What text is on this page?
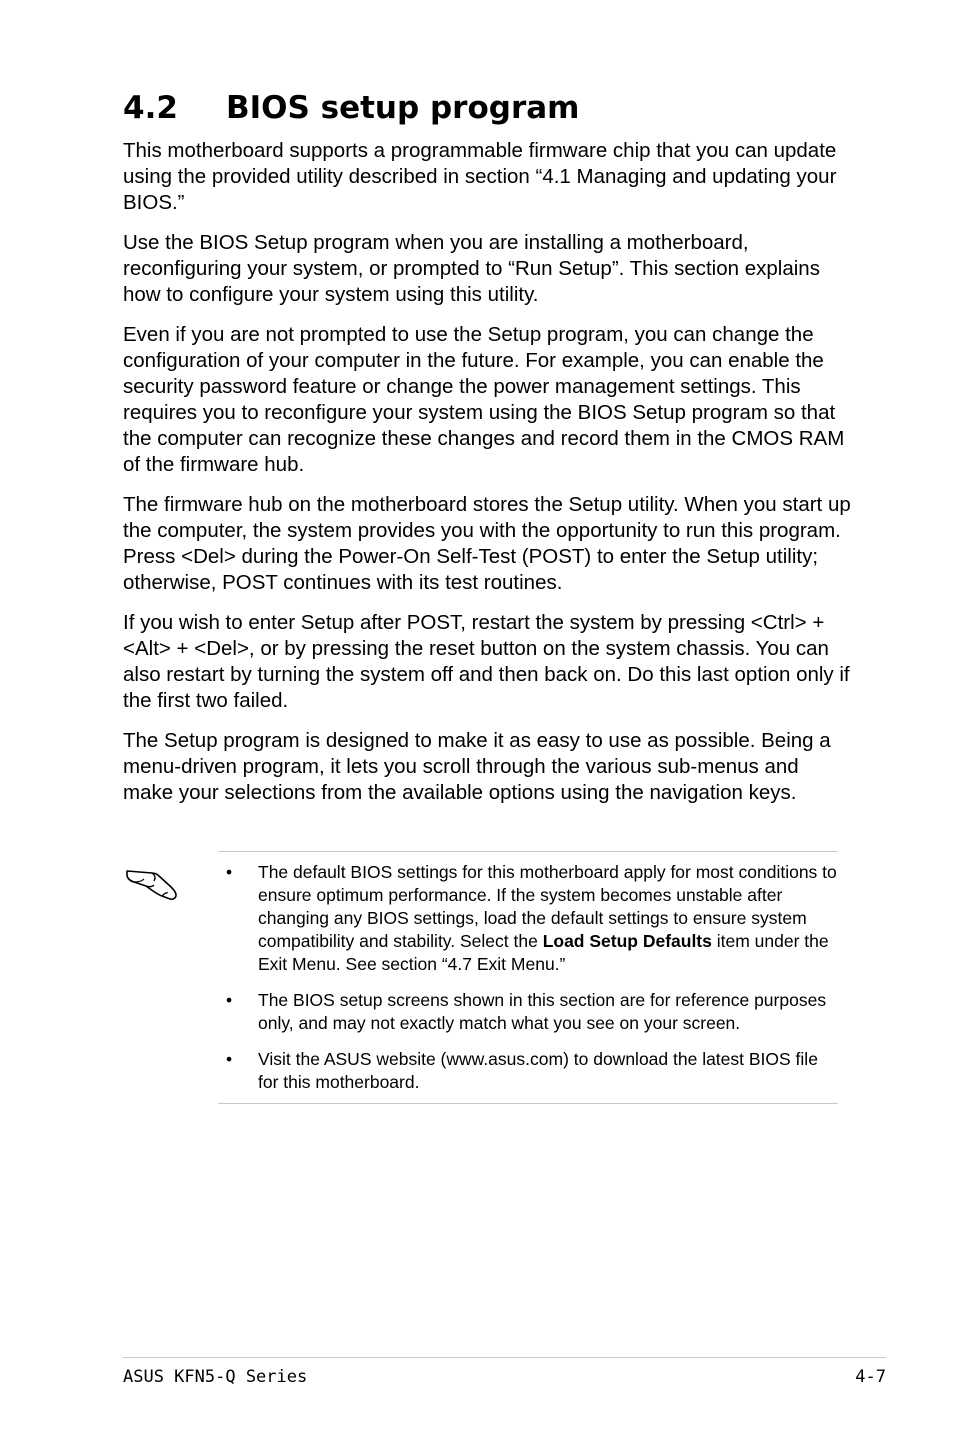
4.2 BIOS setup program

This motherboard supports a programmable firmware chip that you can update using the provided utility described in section “4.1 Managing and updating your BIOS.”

Use the BIOS Setup program when you are installing a motherboard, reconfiguring your system, or prompted to “Run Setup”. This section explains how to configure your system using this utility.

Even if you are not prompted to use the Setup program, you can change the configuration of your computer in the future. For example, you can enable the security password feature or change the power management settings. This requires you to reconfigure your system using the BIOS Setup program so that the computer can recognize these changes and record them in the CMOS RAM of the firmware hub.

The firmware hub on the motherboard stores the Setup utility. When you start up the computer, the system provides you with the opportunity to run this program. Press <Del> during the Power-On Self-Test (POST) to enter the Setup utility; otherwise, POST continues with its test routines.

If you wish to enter Setup after POST, restart the system by pressing <Ctrl> + <Alt> + <Del>, or by pressing the reset button on the system chassis. You can also restart by turning the system off and then back on. Do this last option only if the first two failed.

The Setup program is designed to make it as easy to use as possible. Being a menu-driven program, it lets you scroll through the various sub-menus and make your selections from the available options using the navigation keys.

• The default BIOS settings for this motherboard apply for most conditions to ensure optimum performance. If the system becomes unstable after changing any BIOS settings, load the default settings to ensure system compatibility and stability. Select the Load Setup Defaults item under the Exit Menu. See section “4.7 Exit Menu.”
• The BIOS setup screens shown in this section are for reference purposes only, and may not exactly match what you see on your screen.
• Visit the ASUS website (www.asus.com) to download the latest BIOS file for this motherboard.
ASUS KFN5-Q Series	4-7
